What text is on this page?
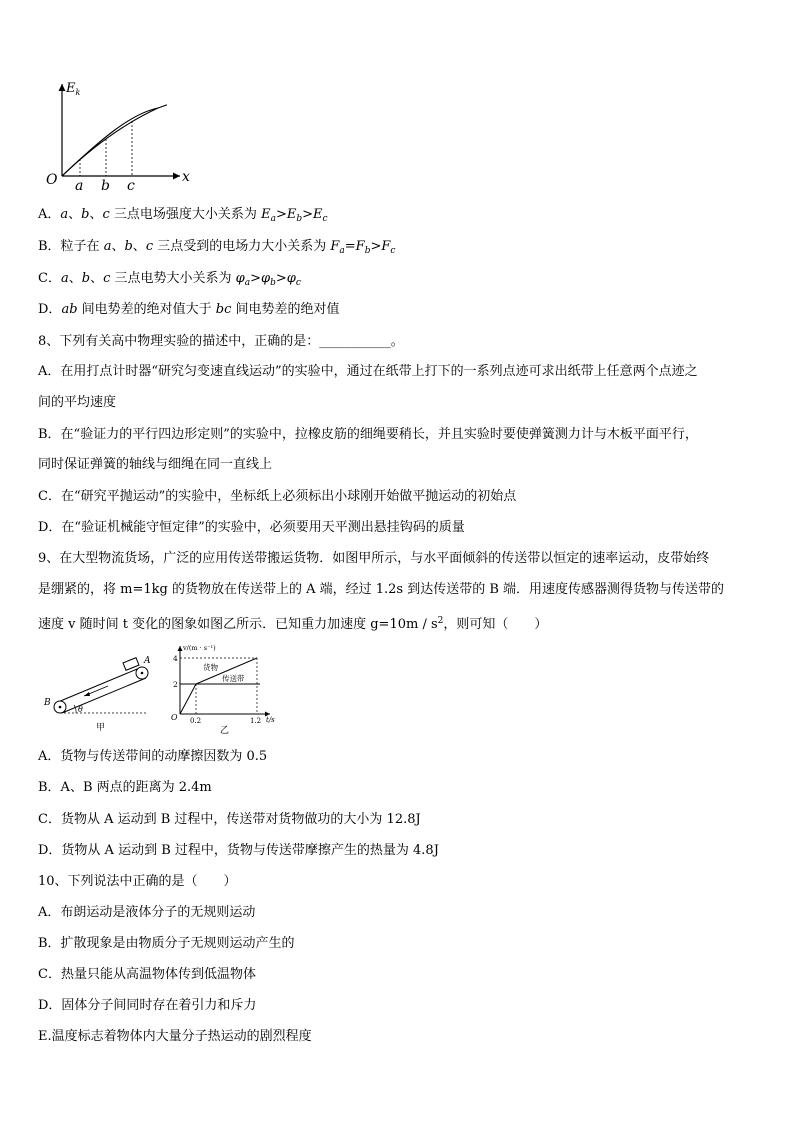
$E_k$
x
O a b c
A．a、b、c 三点电场强度大小关系为 $E_a>E_b>E_c$
B．粒子在 a、b、c 三点受到的电场力大小关系为 $F_a=F_b>F_c$
C．a、b、c 三点电势大小关系为 $\varphi_a>\varphi_b>\varphi_c$
D．ab 间电势差的绝对值大于 bc 间电势差的绝对值
8、下列有关高中物理实验的描述中，正确的是：___________。
A．在用打点计时器“研究匀变速直线运动”的实验中，通过在纸带上打下的一系列点迹可求出纸带上任意两个点迹之
间的平均速度
B．在“验证力的平行四边形定则”的实验中，拉橡皮筋的细绳要稍长，并且实验时要使弹簧测力计与木板平面平行，
同时保证弹簧的轴线与细绳在同一直线上
C．在“研究平抛运动”的实验中，坐标纸上必须标出小球刚开始做平抛运动的初始点
D．在“验证机械能守恒定律”的实验中，必须要用天平测出悬挂钩码的质量
9、在大型物流货场，广泛的应用传送带搬运货物．如图甲所示，与水平面倾斜的传送带以恒定的速率运动，皮带始终
是绷紧的，将 m=1kg 的货物放在传送带上的 A 端，经过 1.2s 到达传送带的 B 端．用速度传感器测得货物与传送带的
速度 v 随时间 t 变化的图象如图乙所示．已知重力加速度 $g=10m / s^2$，则可知（　　）
A
B
θ
甲
v/(m · s⁻¹)
t/s
O
4
2
0.2	1.2
货物
传送带
乙
A．货物与传送带间的动摩擦因数为 0.5
B．A、B 两点的距离为 2.4m
C．货物从 A 运动到 B 过程中，传送带对货物做功的大小为 12.8J
D．货物从 A 运动到 B 过程中，货物与传送带摩擦产生的热量为 4.8J
10、下列说法中正确的是（　　）
A．布朗运动是液体分子的无规则运动
B．扩散现象是由物质分子无规则运动产生的
C．热量只能从高温物体传到低温物体
D．固体分子间同时存在着引力和斥力
E.温度标志着物体内大量分子热运动的剧烈程度
